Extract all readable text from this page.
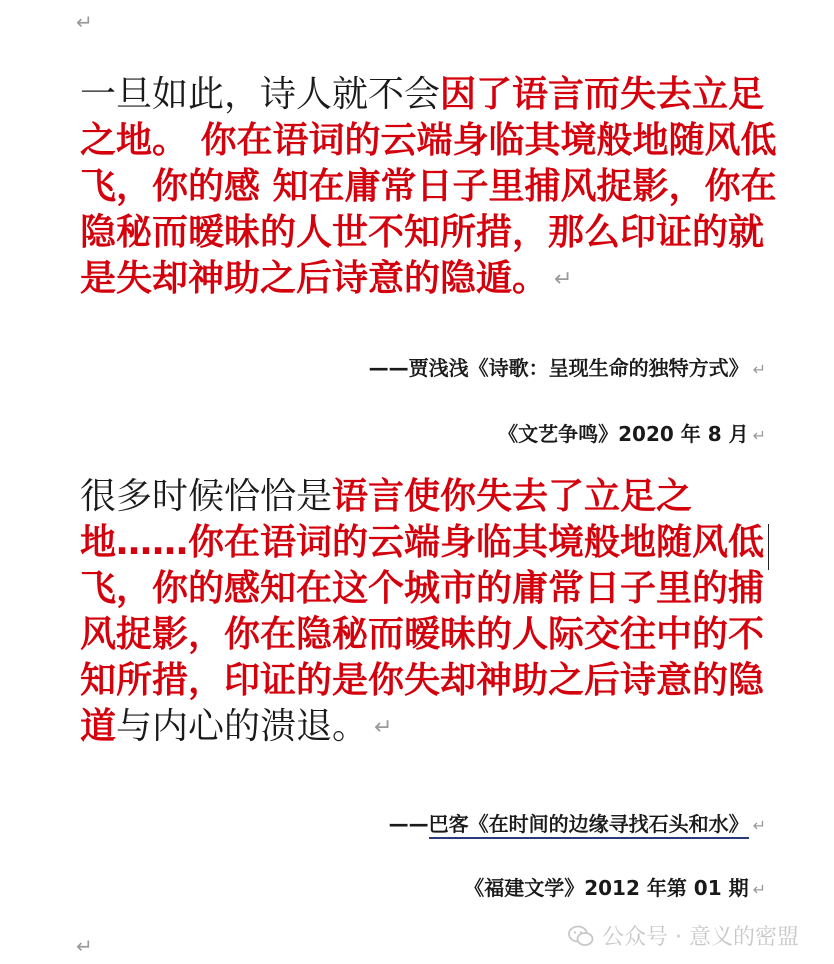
↵

一旦如此，诗人就不会因了语言而失去立足之地。 你在语词的云端身临其境般地随风低飞，你的感 知在庸常日子里捕风捉影，你在隐秘而暧昧的人世不知所措，那么印证的就是失却神助之后诗意的隐遁。 ↵

——贾浅浅《诗歌：呈现生命的独特方式》 ↵
《文艺争鸣》2020 年 8 月 ↵

很多时候恰恰是语言使你失去了立足之地……你在语词的云端身临其境般地随风低飞，你的感知在这个城市的庸常日子里的捕风捉影，你在隐秘而暧昧的人际交往中的不知所措，印证的是你失却神助之后诗意的隐道与内心的溃退。 ↵

——巴客《在时间的边缘寻找石头和水》 ↵
《福建文学》2012 年第 01 期 ↵
公众号 · 意义的密盟
↵
